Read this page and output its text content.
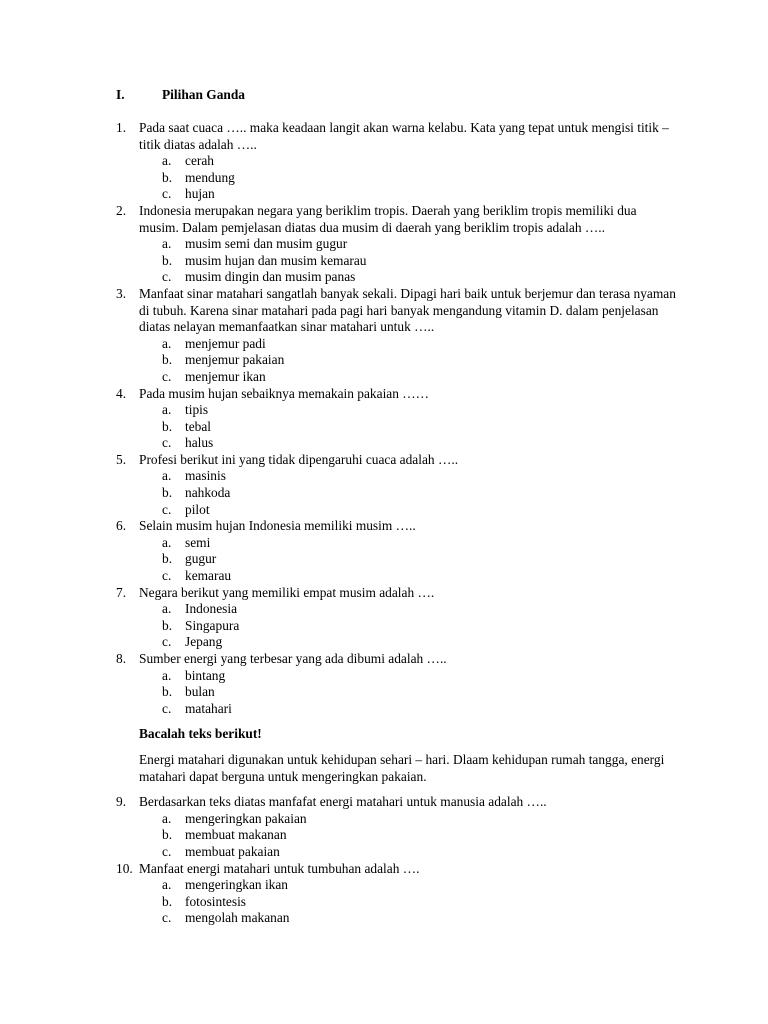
I.	Pilihan Ganda
1. Pada saat cuaca ….. maka keadaan langit akan warna kelabu. Kata yang tepat untuk mengisi titik – titik diatas adalah …..
a. cerah
b. mendung
c. hujan
2. Indonesia merupakan negara yang beriklim tropis. Daerah yang beriklim tropis memiliki dua musim. Dalam pemjelasan diatas dua musim di daerah yang beriklim tropis adalah …..
a. musim semi dan musim gugur
b. musim hujan dan musim kemarau
c. musim dingin dan musim panas
3. Manfaat sinar matahari sangatlah banyak sekali. Dipagi hari baik untuk berjemur dan terasa nyaman di tubuh. Karena sinar matahari pada pagi hari banyak mengandung vitamin D. dalam penjelasan diatas nelayan memanfaatkan sinar matahari untuk …..
a. menjemur padi
b. menjemur pakaian
c. menjemur ikan
4. Pada musim hujan sebaiknya memakain pakaian ……
a. tipis
b. tebal
c. halus
5. Profesi berikut ini yang tidak dipengaruhi cuaca adalah …..
a. masinis
b. nahkoda
c. pilot
6. Selain musim hujan Indonesia memiliki musim …..
a. semi
b. gugur
c. kemarau
7. Negara berikut yang memiliki empat musim adalah ….
a. Indonesia
b. Singapura
c. Jepang
8. Sumber energi yang terbesar yang ada dibumi adalah …..
a. bintang
b. bulan
c. matahari
Bacalah teks berikut!
Energi matahari digunakan untuk kehidupan sehari – hari. Dlaam kehidupan rumah tangga, energi matahari dapat berguna untuk mengeringkan pakaian.
9. Berdasarkan teks diatas manfafat energi matahari untuk manusia adalah …..
a. mengeringkan pakaian
b. membuat makanan
c. membuat pakaian
10. Manfaat energi matahari untuk tumbuhan adalah ….
a. mengeringkan ikan
b. fotosintesis
c. mengolah makanan
